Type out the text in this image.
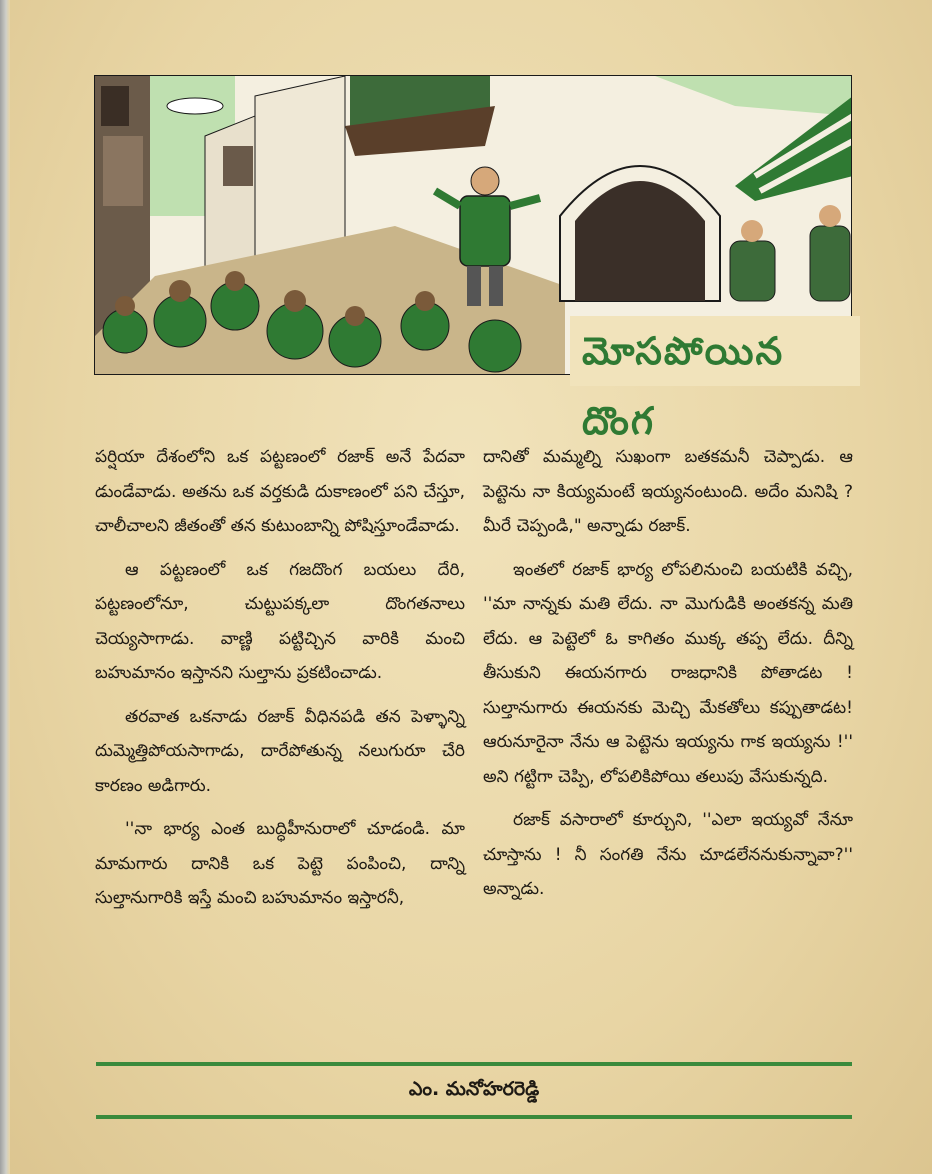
మోసపోయిన దొంగ

పర్షియా దేశంలోని ఒక పట్టణంలో రజాక్ అనే పేదవా డుండేవాడు. అతను ఒక వర్తకుడి దుకాణంలో పని చేస్తూ, చాలీచాలని జీతంతో తన కుటుంబాన్ని పోషిస్తూండేవాడు.

ఆ పట్టణంలో ఒక గజదొంగ బయలు దేరి, పట్టణంలోనూ, చుట్టుపక్కలా దొంగతనాలు చెయ్యసాగాడు. వాణ్ణి పట్టిచ్చిన వారికి మంచి బహుమానం ఇస్తానని సుల్తాను ప్రకటించాడు.

తరవాత ఒకనాడు రజాక్ వీధినపడి తన పెళ్ళాన్ని దుమ్మెత్తిపోయసాగాడు, దారేపోతున్న నలుగురూ చేరి కారణం అడిగారు.

''నా భార్య ఎంత బుద్ధిహీనురాలో చూడండి. మా మామగారు దానికి ఒక పెట్టె పంపించి, దాన్ని సుల్తానుగారికి ఇస్తే మంచి బహుమానం ఇస్తారనీ,

దానితో మమ్మల్ని సుఖంగా బతకమనీ చెప్పాడు. ఆ పెట్టెను నా కియ్యమంటే ఇయ్యనంటుంది. అదేం మనిషి ? మీరే చెప్పండి," అన్నాడు రజాక్.

ఇంతలో రజాక్ భార్య లోపలినుంచి బయటికి వచ్చి, ''మా నాన్నకు మతి లేదు. నా మొగుడికి అంతకన్న మతి లేదు. ఆ పెట్టెలో ఓ కాగితం ముక్క తప్ప లేదు. దీన్ని తీసుకుని ఈయనగారు రాజధానికి పోతాడట ! సుల్తానుగారు ఈయనకు మెచ్చి మేకతోలు కప్పుతాడట! ఆరునూరైనా నేను ఆ పెట్టెను ఇయ్యను గాక ఇయ్యను !'' అని గట్టిగా చెప్పి, లోపలికిపోయి తలుపు వేసుకున్నది.

రజాక్ వసారాలో కూర్చుని, ''ఎలా ఇయ్యవో నేనూ చూస్తాను ! నీ సంగతి నేను చూడలేననుకున్నావా?'' అన్నాడు.

ఎం. మనోహరరెడ్డి
